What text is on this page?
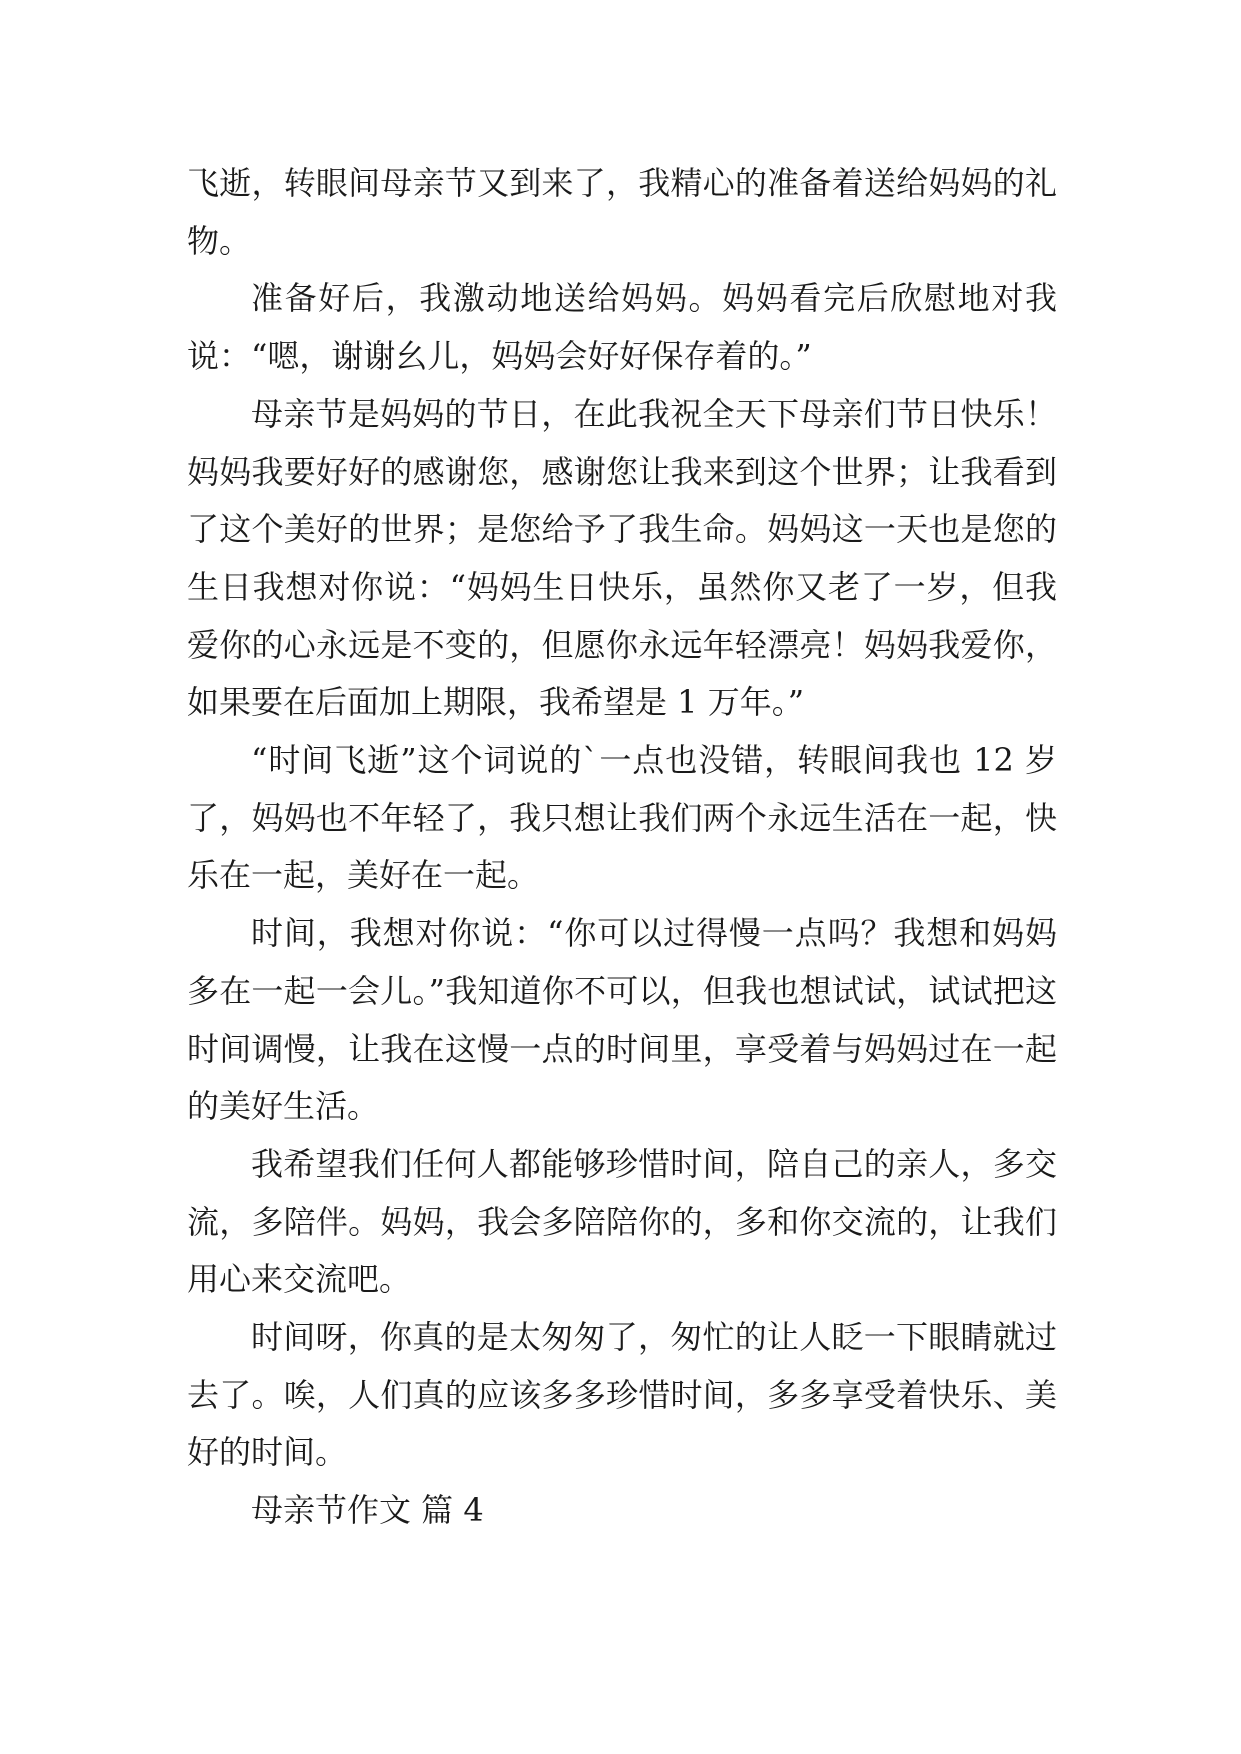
飞逝，转眼间母亲节又到来了，我精心的准备着送给妈妈的礼物。

准备好后，我激动地送给妈妈。妈妈看完后欣慰地对我说：“嗯，谢谢幺儿，妈妈会好好保存着的。”

母亲节是妈妈的节日，在此我祝全天下母亲们节日快乐！妈妈我要好好的感谢您，感谢您让我来到这个世界；让我看到了这个美好的世界；是您给予了我生命。妈妈这一天也是您的生日我想对你说：“妈妈生日快乐，虽然你又老了一岁，但我爱你的心永远是不变的，但愿你永远年轻漂亮！妈妈我爱你，如果要在后面加上期限，我希望是 1 万年。”

“时间飞逝”这个词说的`一点也没错，转眼间我也 12 岁了，妈妈也不年轻了，我只想让我们两个永远生活在一起，快乐在一起，美好在一起。

时间，我想对你说：“你可以过得慢一点吗？我想和妈妈多在一起一会儿。”我知道你不可以，但我也想试试，试试把这时间调慢，让我在这慢一点的时间里，享受着与妈妈过在一起的美好生活。

我希望我们任何人都能够珍惜时间，陪自己的亲人，多交流，多陪伴。妈妈，我会多陪陪你的，多和你交流的，让我们用心来交流吧。

时间呀，你真的是太匆匆了，匆忙的让人眨一下眼睛就过去了。唉，人们真的应该多多珍惜时间，多多享受着快乐、美好的时间。

母亲节作文 篇 4
